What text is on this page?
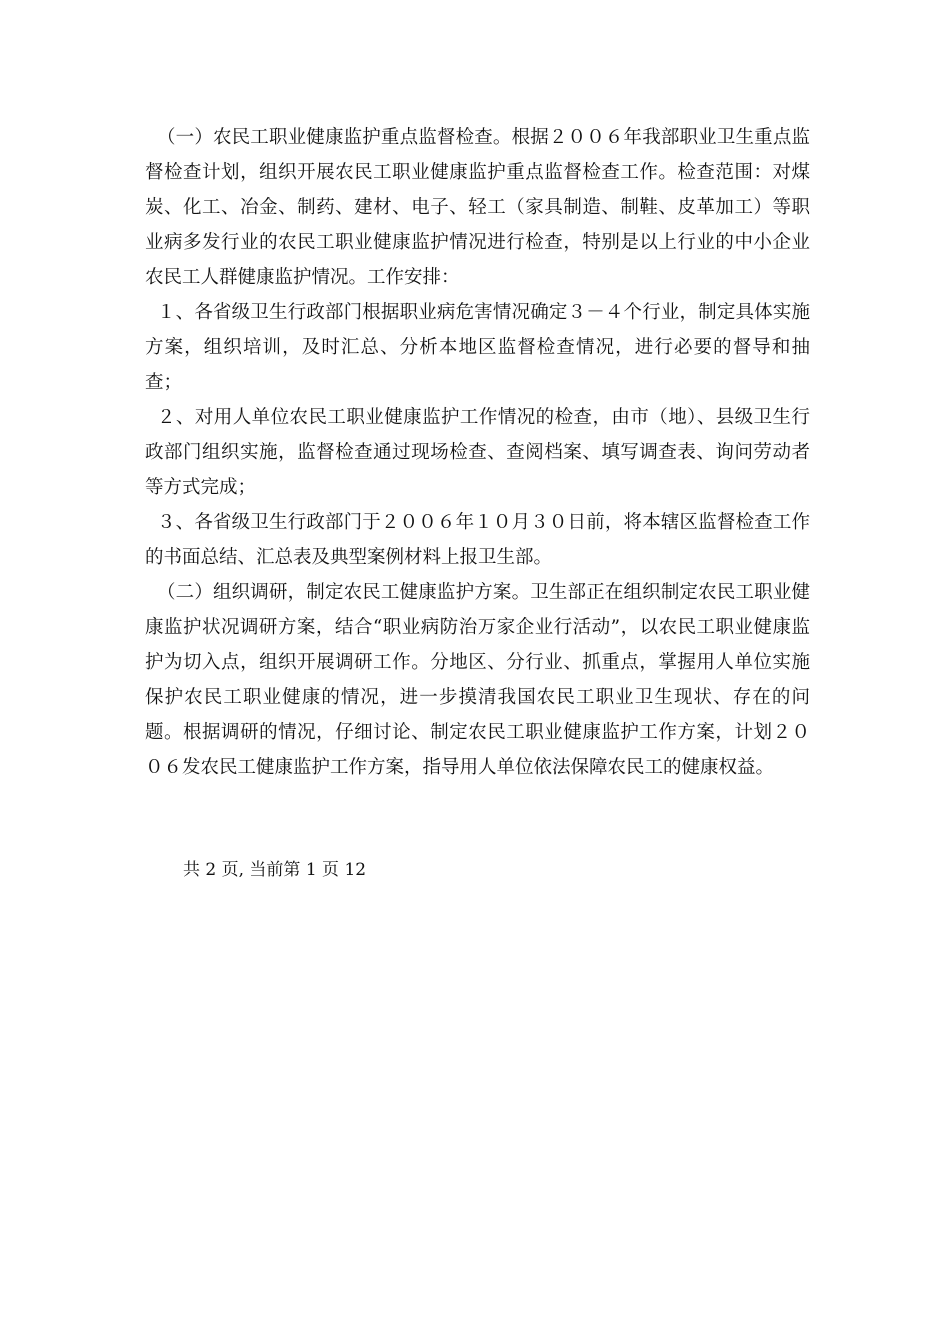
（一）农民工职业健康监护重点监督检查。根据２００６年我部职业卫生重点监督检查计划，组织开展农民工职业健康监护重点监督检查工作。检查范围：对煤炭、化工、冶金、制药、建材、电子、轻工（家具制造、制鞋、皮革加工）等职业病多发行业的农民工职业健康监护情况进行检查，特别是以上行业的中小企业农民工人群健康监护情况。工作安排：

１、各省级卫生行政部门根据职业病危害情况确定３－４个行业，制定具体实施方案，组织培训，及时汇总、分析本地区监督检查情况，进行必要的督导和抽查；

２、对用人单位农民工职业健康监护工作情况的检查，由市（地）、县级卫生行政部门组织实施，监督检查通过现场检查、查阅档案、填写调查表、询问劳动者等方式完成；

３、各省级卫生行政部门于２００６年１０月３０日前，将本辖区监督检查工作的书面总结、汇总表及典型案例材料上报卫生部。

（二）组织调研，制定农民工健康监护方案。卫生部正在组织制定农民工职业健康监护状况调研方案，结合“职业病防治万家企业行活动”，以农民工职业健康监护为切入点，组织开展调研工作。分地区、分行业、抓重点，掌握用人单位实施保护农民工职业健康的情况，进一步摸清我国农民工职业卫生现状、存在的问题。根据调研的情况，仔细讨论、制定农民工职业健康监护工作方案，计划２００６发农民工健康监护工作方案，指导用人单位依法保障农民工的健康权益。

共 2 页, 当前第 1 页 12
